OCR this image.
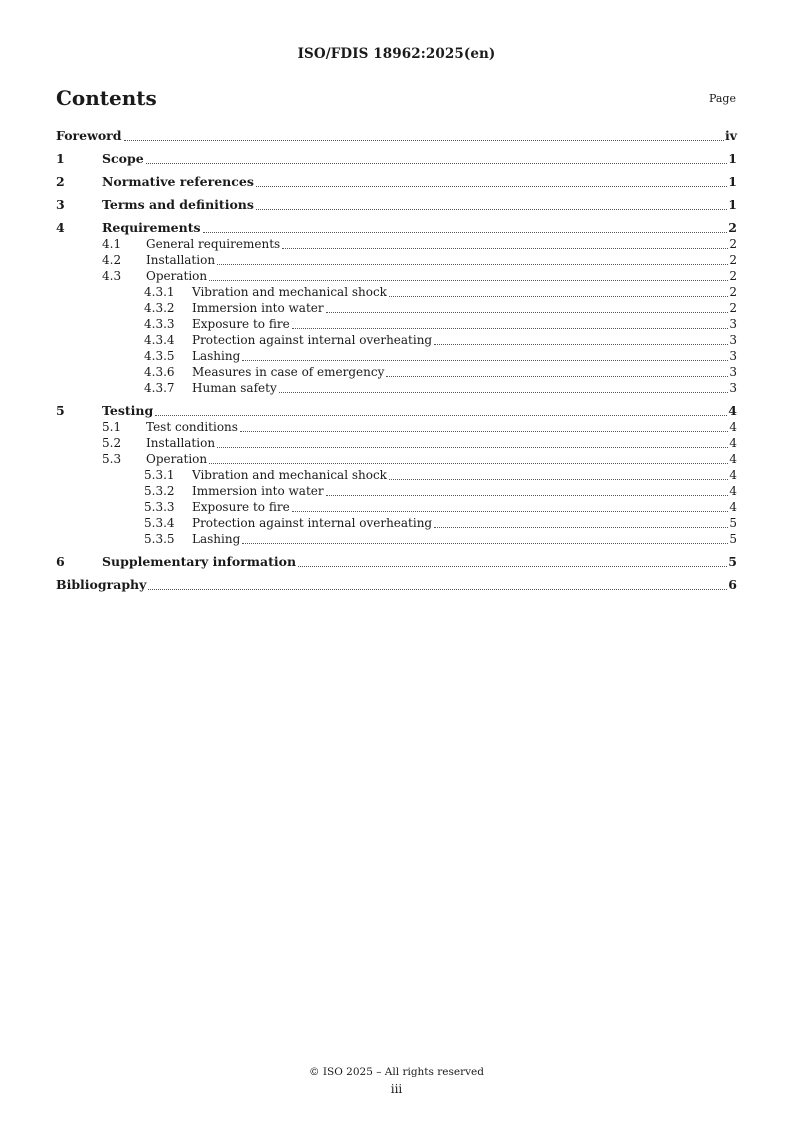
ISO/FDIS 18962:2025(en)
Contents	Page
Foreword	iv
1	Scope	1
2	Normative references	1
3	Terms and definitions	1
4	Requirements	2
4.1	General requirements	2
4.2	Installation	2
4.3	Operation	2
4.3.1	Vibration and mechanical shock	2
4.3.2	Immersion into water	2
4.3.3	Exposure to fire	3
4.3.4	Protection against internal overheating	3
4.3.5	Lashing	3
4.3.6	Measures in case of emergency	3
4.3.7	Human safety	3
5	Testing	4
5.1	Test conditions	4
5.2	Installation	4
5.3	Operation	4
5.3.1	Vibration and mechanical shock	4
5.3.2	Immersion into water	4
5.3.3	Exposure to fire	4
5.3.4	Protection against internal overheating	5
5.3.5	Lashing	5
6	Supplementary information	5
Bibliography	6
© ISO 2025 – All rights reserved
iii
